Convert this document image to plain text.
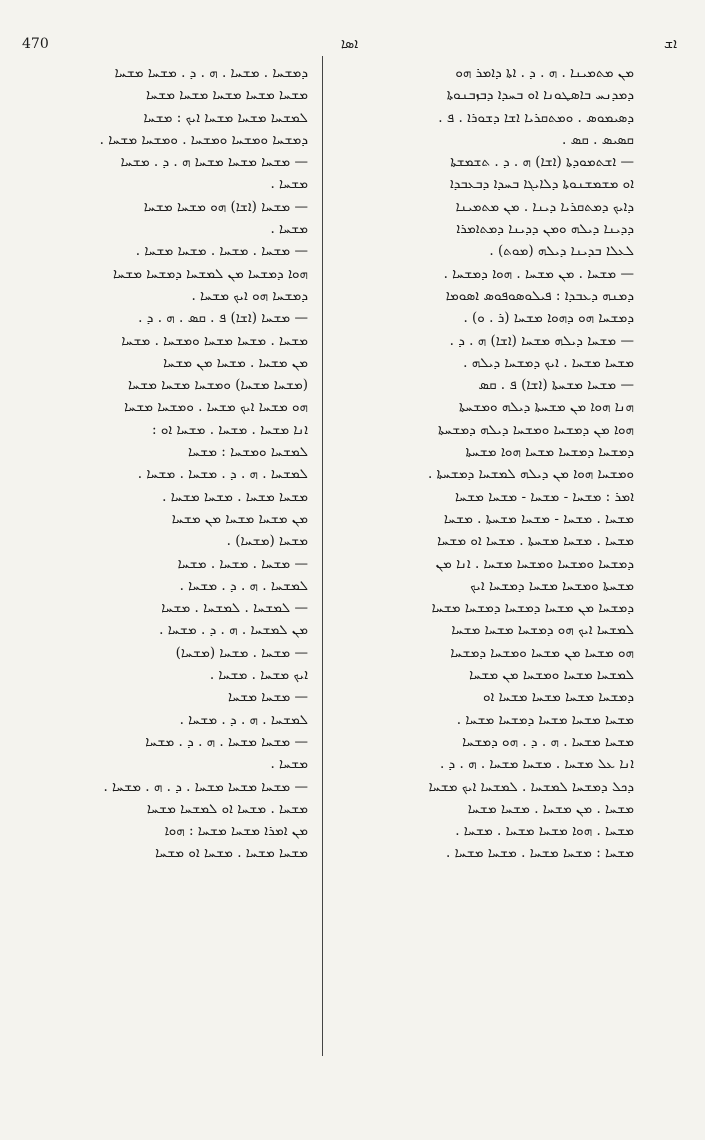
470	ܐܣܐ	ܐܫ
ܕܡܫܚܐ . ܡܫܚܐ . ܗ . ܕ . ܡܫܚܐ ܡܫܚܐ
ܡܫܚܐ ܡܫܚܐ ܡܫܚܐ ܡܫܚܐ ܡܫܚܐ
ܠܡܫܚܐ ܡܫܚܐ ܡܫܚܐ ܐܝܟ : ܡܫܚܐ
ܕܡܫܚܐ ܘܡܫܚܐ ܘܡܫܚܐ . ܘܡܫܚܐ ܡܫܚܐ .
— ܡܫܚܐ ܡܫܚܐ ܡܫܚܐ ܗ . ܕ . ܡܫܚܐ
ܡܫܚܐ .
— ܡܫܚܐ (ܐܫܐ) ܗܘ ܡܫܚܐ ܡܫܚܐ
ܡܫܚܐ .
— ܡܫܚܐ . ܡܫܚܐ . ܡܫܚܐ ܡܫܚܐ .
ܗܘܐ ܕܡܫܚܐ ܡܢ ܠܡܫܚܐ ܕܡܫܚܐ ܡܫܚܐ
ܕܡܫܚܐ ܗܘ ܐܝܟ ܡܫܚܐ .
— ܡܫܚܐ (ܐܫܐ) ܦ . ܩܣ . ܗ . ܕ .
ܡܫܚܐ . ܡܫܚܐ ܡܫܚܐ ܘܡܫܚܐ . ܡܫܚܐ
ܡܢ ܡܫܚܐ . ܡܫܚܐ ܡܢ ܡܫܚܐ
(ܡܫܚܐ ܡܫܚܐ) ܘܡܫܚܐ ܡܫܚܐ ܡܫܚܐ
ܗܘ ܡܫܚܐ ܐܝܟ ܡܫܚܐ . ܘܡܫܚܐ ܡܫܚܐ
ܐܢܐ ܡܫܚܐ . ܡܫܚܐ . ܡܫܚܐ ܐܘ :
ܠܡܫܚܐ ܘܡܫܚܐ : ܡܫܚܐ
ܠܡܫܚܐ . ܗ . ܕ . ܡܫܚܐ . ܡܫܚܐ .
ܡܫܚܐ ܡܫܚܐ . ܡܫܚܐ ܡܫܚܐ .
ܡܢ ܡܫܚܐ ܡܫܚܐ ܡܢ ܡܫܚܐ
ܡܫܚܐ (ܡܫܚܐ) .
— ܡܫܚܐ . ܡܫܚܐ . ܡܫܚܐ
ܠܡܫܚܐ . ܗ . ܕ . ܡܫܚܐ .
— ܠܡܫܚܐ . ܠܡܫܚܐ . ܡܫܚܐ
ܡܢ ܠܡܫܚܐ . ܗ . ܕ . ܡܫܚܐ .
— ܡܫܚܐ . ܡܫܚܐ (ܡܫܚܐ)
ܐܝܟ ܡܫܚܐ . ܡܫܚܐ .
— ܡܫܚܐ ܡܫܚܐ
ܠܡܫܚܐ . ܗ . ܕ . ܡܫܚܐ .
— ܡܫܚܐ ܡܫܚܐ . ܗ . ܕ . ܡܫܚܐ
ܡܫܚܐ .
— ܡܫܚܐ ܡܫܚܐ ܡܫܚܐ . ܕ . ܗ . ܡܫܚܐ .
ܡܫܚܐ . ܡܫܚܐ ܐܘ ܠܡܫܚܐ ܡܫܚܐ
ܡܢ ܐܡܪܐ ܡܫܚܐ ܡܫܚܐ : ܗܘܐ
ܡܫܚܐ ܡܫܚܐ . ܡܫܚܐ ܐܘ ܡܫܚܐ
ܡܢ ܡܬܡܝܢܐ . ܗ . ܕ . ܐܬܐ ܕܐܡܪ ܗܘ
ܕܡܕܢܚ ܒܐܣܛܘܢܐ ܐܘ ܒܚܕܐ ܕܒܙܒܢܘܬܐ
ܕܣܝܡܘܣ . ܘܡܬܩܪܝܐ ܐܫܐ ܕܫܘܪܐ . ܦ .
ܩܣܝܣ . ܩܣ .
— ܐܫܬܡܘܕܬܐ (ܐܫܐ) ܗ . ܕ . ܬܫܡܫܬܐ
ܐܘ ܡܫܡܫܢܘܬܐ ܕܠܐܝܓܐ ܒܚܕܐ ܕܒܥܒܕܐ
ܕܐܝܟ ܕܡܬܩܪܝܐ ܕܝܢܐ . ܡܢ ܡܬܡܝܢܐ
ܕܕܝܢܐ ܕܝܠܗ ܘܡܢ ܕܕܝܢܐ ܕܡܬܐܡܪܐ
ܠܥܠܐ ܒܕܝܢܐ ܕܝܠܗ (ܡܘܬ) .
— ܡܫܚܐ . ܡܢ ܡܫܚܐ . ܗܘܐ ܕܡܫܚܐ .
ܕܡܢܗ ܕܥܒܕܐ : ܦܝܠܘܣܘܦܘܣ ܐܣܘܡܐ
ܕܡܫܚܐ ܗܘ ܕܗܘܐ ܡܫܚܐ (ܪ . ܘ) .
— ܡܫܚܐ ܕܝܠܗ ܡܫܚܐ (ܐܫܐ) ܗ . ܕ .
ܡܫܚܐ ܡܫܚܐ . ܐܝܟ ܕܡܫܚܐ ܕܝܠܗ .
— ܡܫܚܐ ܡܫܚܬܐ (ܐܫܐ) ܦ . ܩܣ
ܗܢܐ ܗܘܐ ܡܢ ܡܫܚܬܐ ܕܝܠܗ ܘܡܫܚܬܐ
ܗܘܐ ܡܢ ܕܡܫܚܐ ܘܡܫܚܐ ܕܝܠܗ ܕܡܫܚܬܐ
ܕܡܫܚܐ ܕܡܫܚܐ ܡܫܚܐ ܗܘܐ ܡܫܚܬܐ
ܘܡܫܚܐ ܗܘܐ ܡܢ ܕܝܠܗ ܠܡܫܚܐ ܕܡܫܚܬܐ .
ܐܡܪ : ܡܫܚܐ - ܡܫܚܐ - ܡܫܚܐ ܡܫܚܐ
ܡܫܚܐ . ܡܫܚܐ - ܡܫܚܐ ܡܫܚܬܐ . ܡܫܚܐ
ܡܫܚܐ . ܡܫܚܐ ܡܫܚܬܐ . ܡܫܚܐ ܐܘ ܡܫܚܐ
ܕܡܫܚܐ ܘܡܫܚܐ ܘܡܫܚܐ ܡܫܚܐ . ܐܢܐ ܡܢ
ܡܫܚܬܐ ܘܡܫܚܐ ܡܫܚܐ ܕܡܫܚܐ ܐܝܟ
ܕܡܫܚܐ ܡܢ ܡܫܚܐ ܕܡܫܚܐ ܕܡܫܚܐ ܡܫܚܐ
ܠܡܫܚܐ ܐܝܟ ܗܘ ܕܡܫܚܐ ܡܫܚܐ ܡܫܚܐ
ܗܘ ܡܫܚܐ ܡܢ ܡܫܚܐ ܘܡܫܚܐ ܕܡܫܚܐ
ܠܡܫܚܐ ܡܫܚܐ ܘܡܫܚܐ ܡܢ ܡܫܚܐ
ܕܡܫܚܐ ܡܫܚܐ ܡܫܚܐ ܡܫܚܐ ܐܘ
ܡܫܚܐ ܡܫܚܐ ܡܫܚܐ ܕܡܫܚܐ ܡܫܚܐ .
ܡܫܚܐ ܡܫܚܐ . ܗ . ܕ . ܗܘ ܕܡܫܚܐ
ܐܢܐ ܥܠ ܡܫܚܐ . ܡܫܚܐ ܡܫܚܐ . ܗ . ܕ .
ܕܟܠ ܕܡܫܚܐ ܠܡܫܚܐ . ܠܡܫܚܐ ܐܝܟ ܡܫܚܐ
ܡܫܚܐ . ܡܢ ܡܫܚܐ . ܡܫܚܐ ܡܫܚܐ
ܡܫܚܐ . ܗܘܐ ܡܫܚܐ ܡܫܚܐ . ܡܫܚܐ .
ܡܫܚܐ : ܡܫܚܐ ܡܫܚܐ . ܡܫܚܐ ܡܫܚܐ .
